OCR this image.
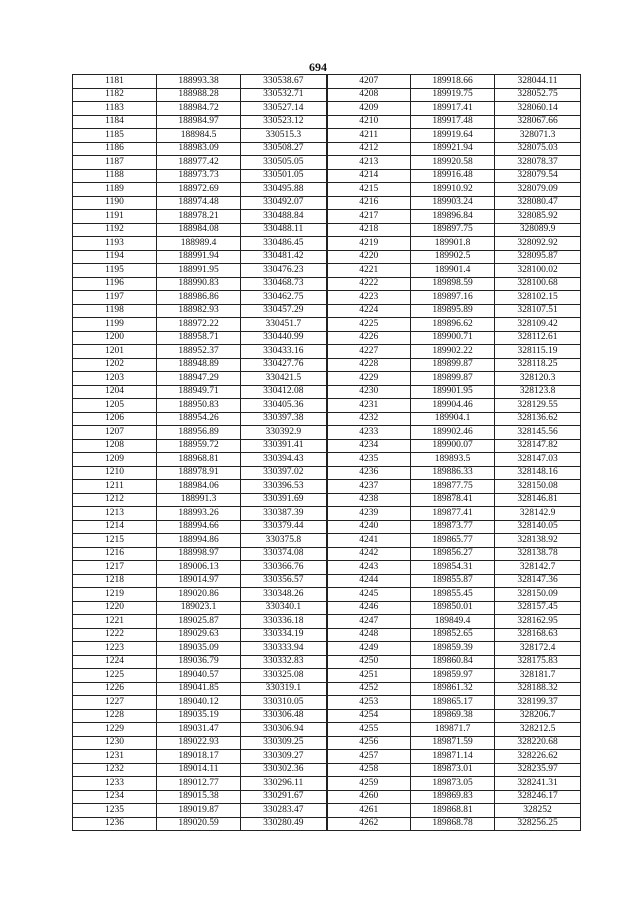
694
1181	188993.38	330538.67	4207	189918.66	328044.11
1182	188988.28	330532.71	4208	189919.75	328052.75
1183	188984.72	330527.14	4209	189917.41	328060.14
1184	188984.97	330523.12	4210	189917.48	328067.66
1185	188984.5	330515.3	4211	189919.64	328071.3
1186	188983.09	330508.27	4212	189921.94	328075.03
1187	188977.42	330505.05	4213	189920.58	328078.37
1188	188973.73	330501.05	4214	189916.48	328079.54
1189	188972.69	330495.88	4215	189910.92	328079.09
1190	188974.48	330492.07	4216	189903.24	328080.47
1191	188978.21	330488.84	4217	189896.84	328085.92
1192	188984.08	330488.11	4218	189897.75	328089.9
1193	188989.4	330486.45	4219	189901.8	328092.92
1194	188991.94	330481.42	4220	189902.5	328095.87
1195	188991.95	330476.23	4221	189901.4	328100.02
1196	188990.83	330468.73	4222	189898.59	328100.68
1197	188986.86	330462.75	4223	189897.16	328102.15
1198	188982.93	330457.29	4224	189895.89	328107.51
1199	188972.22	330451.7	4225	189896.62	328109.42
1200	188958.71	330440.99	4226	189900.71	328112.61
1201	188952.37	330433.16	4227	189902.22	328115.19
1202	188948.89	330427.76	4228	189899.87	328118.25
1203	188947.29	330421.5	4229	189899.87	328120.3
1204	188949.71	330412.08	4230	189901.95	328123.8
1205	188950.83	330405.36	4231	189904.46	328129.55
1206	188954.26	330397.38	4232	189904.1	328136.62
1207	188956.89	330392.9	4233	189902.46	328145.56
1208	188959.72	330391.41	4234	189900.07	328147.82
1209	188968.81	330394.43	4235	189893.5	328147.03
1210	188978.91	330397.02	4236	189886.33	328148.16
1211	188984.06	330396.53	4237	189877.75	328150.08
1212	188991.3	330391.69	4238	189878.41	328146.81
1213	188993.26	330387.39	4239	189877.41	328142.9
1214	188994.66	330379.44	4240	189873.77	328140.05
1215	188994.86	330375.8	4241	189865.77	328138.92
1216	188998.97	330374.08	4242	189856.27	328138.78
1217	189006.13	330366.76	4243	189854.31	328142.7
1218	189014.97	330356.57	4244	189855.87	328147.36
1219	189020.86	330348.26	4245	189855.45	328150.09
1220	189023.1	330340.1	4246	189850.01	328157.45
1221	189025.87	330336.18	4247	189849.4	328162.95
1222	189029.63	330334.19	4248	189852.65	328168.63
1223	189035.09	330333.94	4249	189859.39	328172.4
1224	189036.79	330332.83	4250	189860.84	328175.83
1225	189040.57	330325.08	4251	189859.97	328181.7
1226	189041.85	330319.1	4252	189861.32	328188.32
1227	189040.12	330310.05	4253	189865.17	328199.37
1228	189035.19	330306.48	4254	189869.38	328206.7
1229	189031.47	330306.94	4255	189871.7	328212.5
1230	189022.93	330309.25	4256	189871.59	328220.68
1231	189018.17	330309.27	4257	189871.14	328226.62
1232	189014.11	330302.36	4258	189873.01	328235.97
1233	189012.77	330296.11	4259	189873.05	328241.31
1234	189015.38	330291.67	4260	189869.83	328246.17
1235	189019.87	330283.47	4261	189868.81	328252
1236	189020.59	330280.49	4262	189868.78	328256.25
